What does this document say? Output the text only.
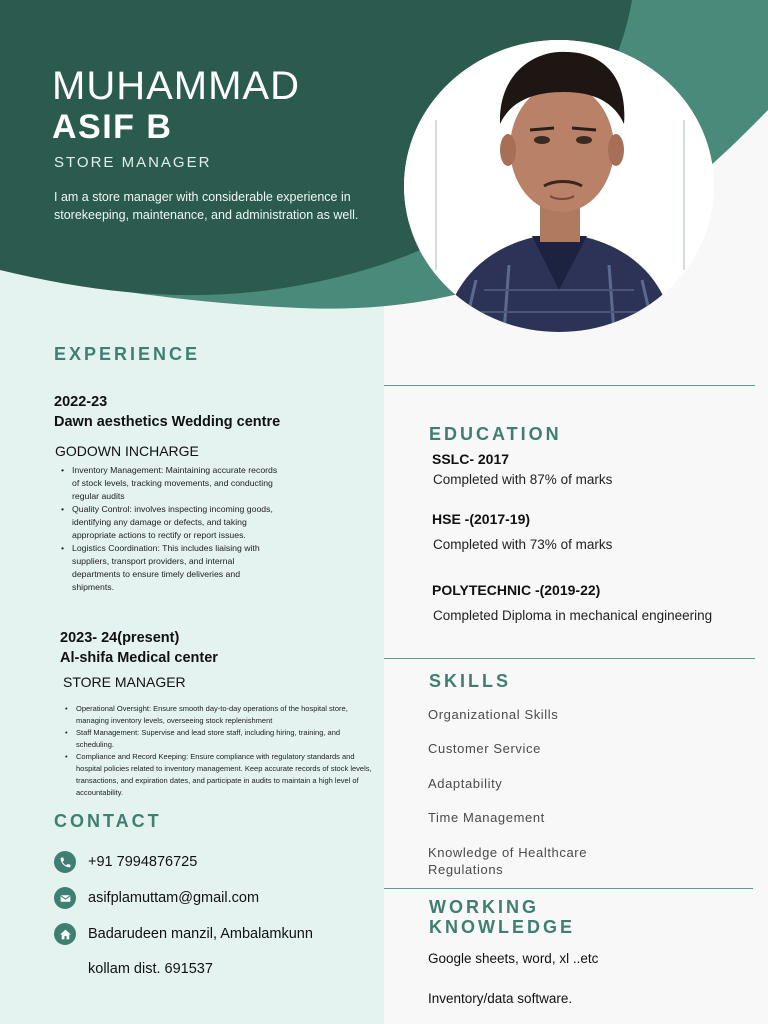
MUHAMMAD
ASIF B
STORE MANAGER
I am a store manager with considerable experience in storekeeping, maintenance, and administration as well.
EXPERIENCE
2022-23
Dawn aesthetics Wedding centre
GODOWN INCHARGE
• Inventory Management: Maintaining accurate records of stock levels, tracking movements, and conducting regular audits
• Quality Control: involves inspecting incoming goods, identifying any damage or defects, and taking appropriate actions to rectify or report issues.
• Logistics Coordination: This includes liaising with suppliers, transport providers, and internal departments to ensure timely deliveries and shipments.
2023- 24(present)
Al-shifa Medical center
STORE MANAGER
• Operational Oversight: Ensure smooth day-to-day operations of the hospital store, managing inventory levels, overseeing stock replenishment
• Staff Management: Supervise and lead store staff, including hiring, training, and scheduling.
• Compliance and Record Keeping: Ensure compliance with regulatory standards and hospital policies related to inventory management. Keep accurate records of stock levels, transactions, and expiration dates, and participate in audits to maintain a high level of accountability.
CONTACT
+91 7994876725
asifplamuttam@gmail.com
Badarudeen manzil, Ambalamkunn
kollam dist. 691537
EDUCATION
SSLC- 2017
Completed with 87% of marks
HSE -(2017-19)
Completed with 73% of marks
POLYTECHNIC -(2019-22)
Completed Diploma in mechanical engineering
SKILLS
Organizational Skills
Customer Service
Adaptability
Time Management
Knowledge of Healthcare Regulations
WORKING KNOWLEDGE
Google sheets, word, xl ..etc
Inventory/data software.
